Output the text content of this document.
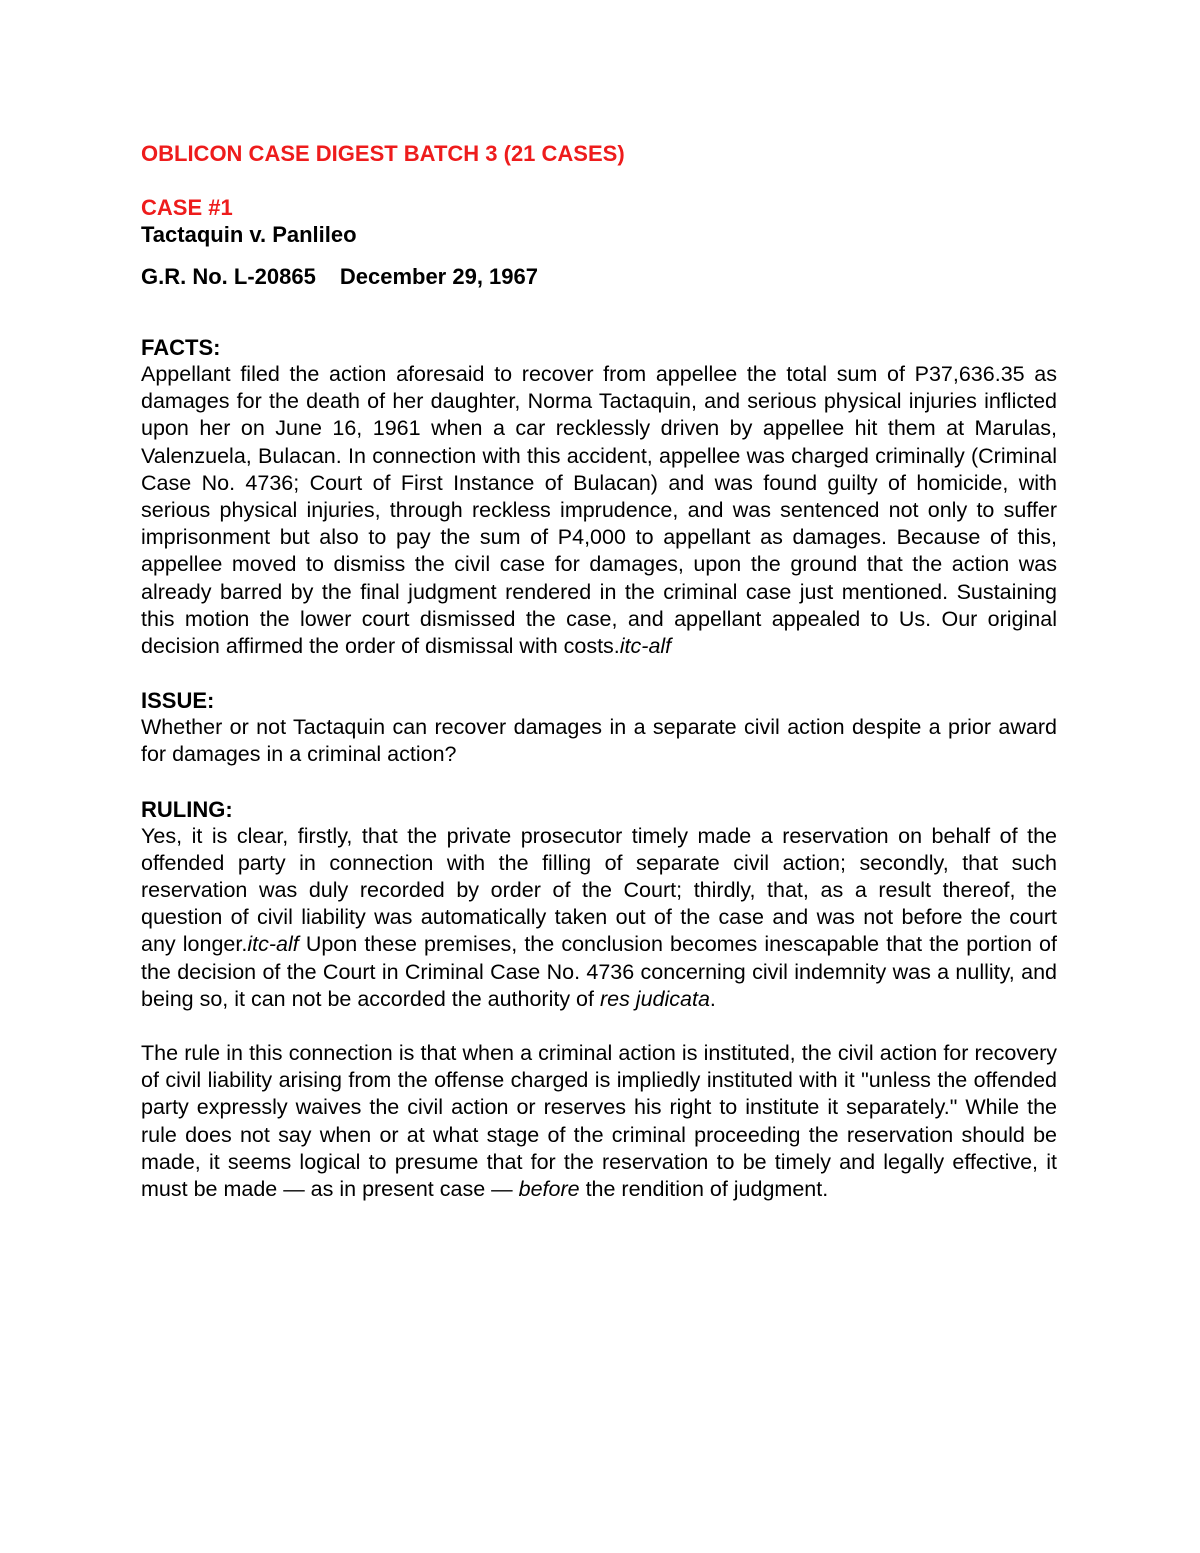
OBLICON CASE DIGEST BATCH 3 (21 CASES)

CASE #1

Tactaquin v. Panlileo

G.R. No. L-20865 December 29, 1967

FACTS:

Appellant filed the action aforesaid to recover from appellee the total sum of P37,636.35 as damages for the death of her daughter, Norma Tactaquin, and serious physical injuries inflicted upon her on June 16, 1961 when a car recklessly driven by appellee hit them at Marulas, Valenzuela, Bulacan. In connection with this accident, appellee was charged criminally (Criminal Case No. 4736; Court of First Instance of Bulacan) and was found guilty of homicide, with serious physical injuries, through reckless imprudence, and was sentenced not only to suffer imprisonment but also to pay the sum of P4,000 to appellant as damages. Because of this, appellee moved to dismiss the civil case for damages, upon the ground that the action was already barred by the final judgment rendered in the criminal case just mentioned. Sustaining this motion the lower court dismissed the case, and appellant appealed to Us. Our original decision affirmed the order of dismissal with costs.itc-alf

ISSUE:

Whether or not Tactaquin can recover damages in a separate civil action despite a prior award for damages in a criminal action?

RULING:

Yes, it is clear, firstly, that the private prosecutor timely made a reservation on behalf of the offended party in connection with the filling of separate civil action; secondly, that such reservation was duly recorded by order of the Court; thirdly, that, as a result thereof, the question of civil liability was automatically taken out of the case and was not before the court any longer.itc-alf Upon these premises, the conclusion becomes inescapable that the portion of the decision of the Court in Criminal Case No. 4736 concerning civil indemnity was a nullity, and being so, it can not be accorded the authority of res judicata.

The rule in this connection is that when a criminal action is instituted, the civil action for recovery of civil liability arising from the offense charged is impliedly instituted with it "unless the offended party expressly waives the civil action or reserves his right to institute it separately." While the rule does not say when or at what stage of the criminal proceeding the reservation should be made, it seems logical to presume that for the reservation to be timely and legally effective, it must be made — as in present case — before the rendition of judgment.
